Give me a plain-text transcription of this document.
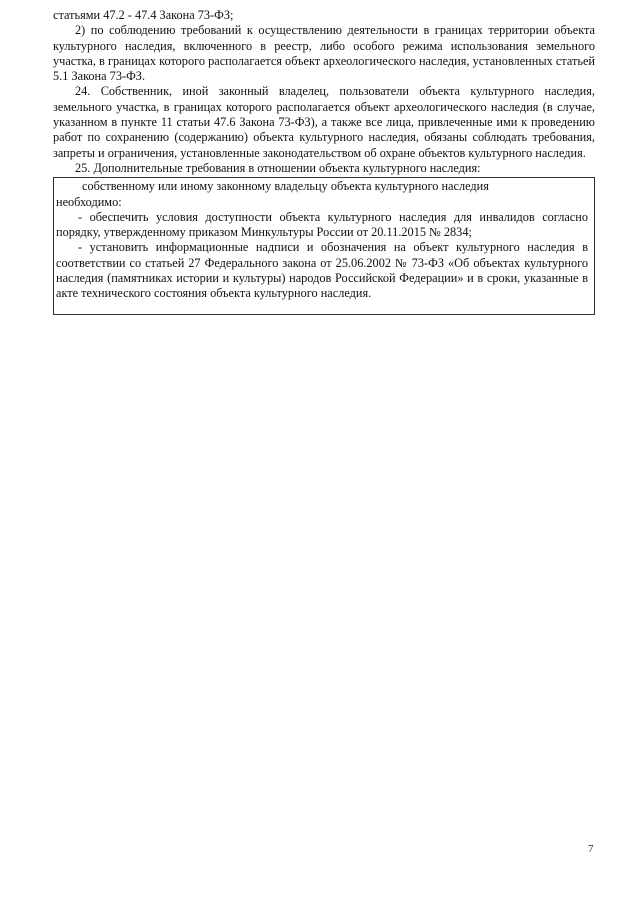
статьями 47.2 - 47.4 Закона 73-ФЗ;

2) по соблюдению требований к осуществлению деятельности в границах территории объекта культурного наследия, включенного в реестр, либо особого режима использования земельного участка, в границах которого располагается объект археологического наследия, установленных статьей 5.1 Закона 73-ФЗ.

24. Собственник, иной законный владелец, пользователи объекта культурного наследия, земельного участка, в границах которого располагается объект археологического наследия (в случае, указанном в пункте 11 статьи 47.6 Закона 73-ФЗ), а также все лица, привлеченные ими к проведению работ по сохранению (содержанию) объекта культурного наследия, обязаны соблюдать требования, запреты и ограничения, установленные законодательством об охране объектов культурного наследия.

25. Дополнительные требования в отношении объекта культурного наследия:

собственному или иному законному владельцу объекта культурного наследия

необходимо:

- обеспечить условия доступности объекта культурного наследия для инвалидов согласно порядку, утвержденному приказом Минкультуры России от 20.11.2015 № 2834;

- установить информационные надписи и обозначения на объект культурного наследия в соответствии со статьей 27 Федерального закона от 25.06.2002 № 73-ФЗ «Об объектах культурного наследия (памятниках истории и культуры) народов Российской Федерации» и в сроки, указанные в акте технического состояния объекта культурного наследия.

7
